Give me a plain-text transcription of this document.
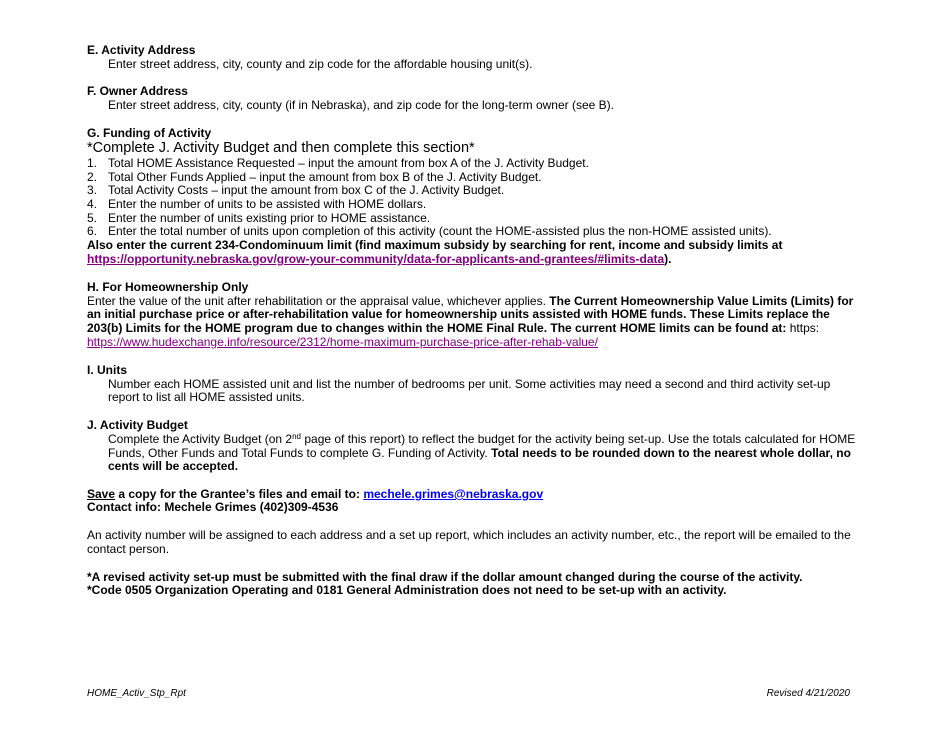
E. Activity Address
Enter street address, city, county and zip code for the affordable housing unit(s).
F. Owner Address
Enter street address, city, county (if in Nebraska), and zip code for the long-term owner (see B).
G. Funding of Activity
*Complete J. Activity Budget and then complete this section*
1. Total HOME Assistance Requested – input the amount from box A of the J. Activity Budget.
2. Total Other Funds Applied – input the amount from box B of the J. Activity Budget.
3. Total Activity Costs – input the amount from box C of the J. Activity Budget.
4. Enter the number of units to be assisted with HOME dollars.
5. Enter the number of units existing prior to HOME assistance.
6. Enter the total number of units upon completion of this activity (count the HOME-assisted plus the non-HOME assisted units).
Also enter the current 234-Condominuum limit (find maximum subsidy by searching for rent, income and subsidy limits at
https://opportunity.nebraska.gov/grow-your-community/data-for-applicants-and-grantees/#limits-data).
H. For Homeownership Only
Enter the value of the unit after rehabilitation or the appraisal value, whichever applies. The Current Homeownership Value Limits (Limits) for
an initial purchase price or after-rehabilitation value for homeownership units assisted with HOME funds. These Limits replace the
203(b) Limits for the HOME program due to changes within the HOME Final Rule. The current HOME limits can be found at: https:
https://www.hudexchange.info/resource/2312/home-maximum-purchase-price-after-rehab-value/
I. Units
Number each HOME assisted unit and list the number of bedrooms per unit. Some activities may need a second and third activity set-up
report to list all HOME assisted units.
J. Activity Budget
Complete the Activity Budget (on 2nd page of this report) to reflect the budget for the activity being set-up. Use the totals calculated for HOME
Funds, Other Funds and Total Funds to complete G. Funding of Activity. Total needs to be rounded down to the nearest whole dollar, no
cents will be accepted.
Save a copy for the Grantee’s files and email to: mechele.grimes@nebraska.gov
Contact info: Mechele Grimes (402)309-4536
An activity number will be assigned to each address and a set up report, which includes an activity number, etc., the report will be emailed to the
contact person.
*A revised activity set-up must be submitted with the final draw if the dollar amount changed during the course of the activity.
*Code 0505 Organization Operating and 0181 General Administration does not need to be set-up with an activity.
HOME_Activ_Stp_Rpt	Revised 4/21/2020
